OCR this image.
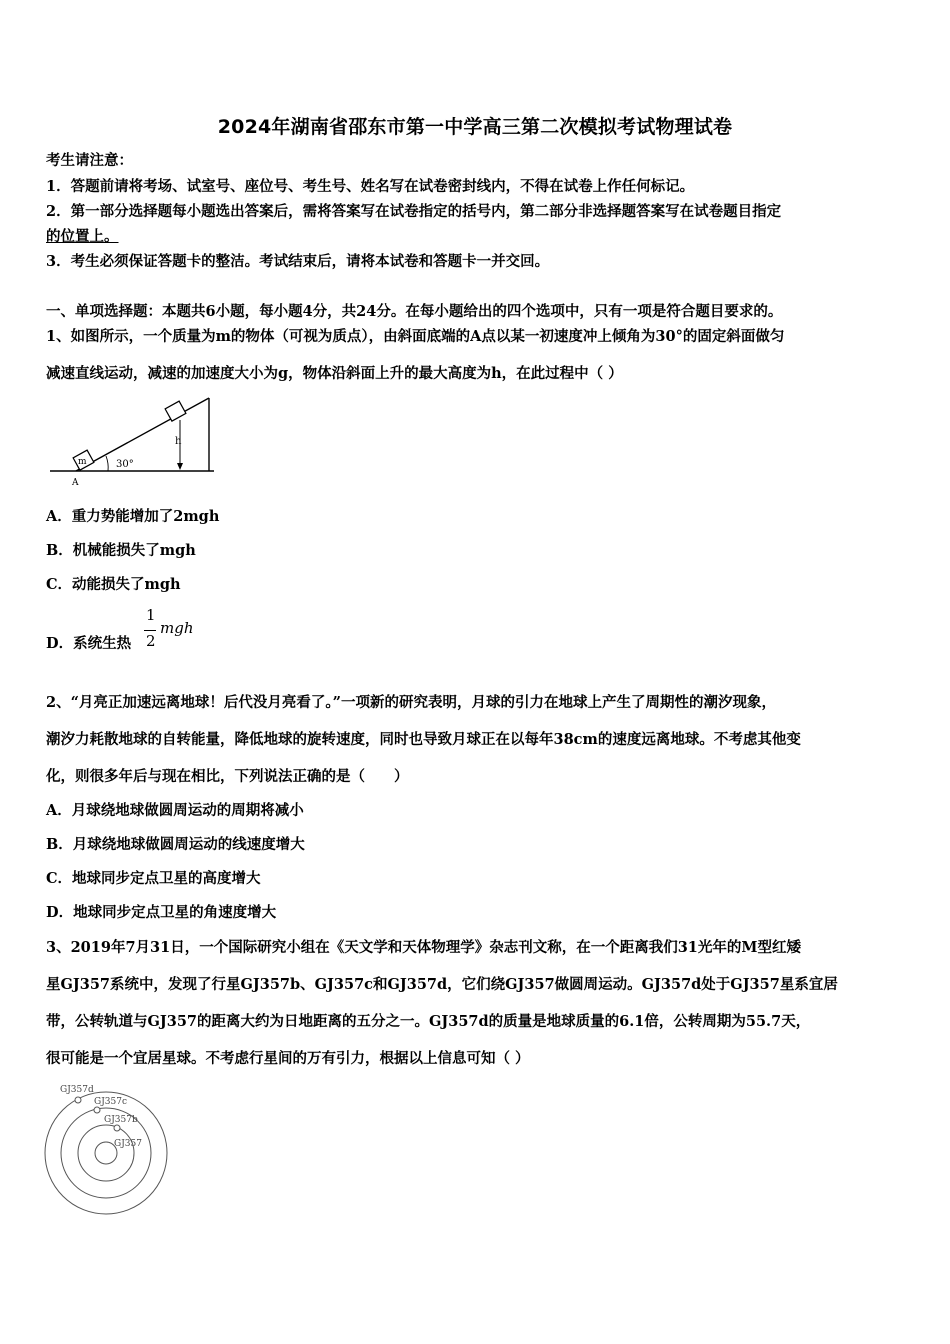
2024年湖南省邵东市第一中学高三第二次模拟考试物理试卷
考生请注意：
1．答题前请将考场、试室号、座位号、考生号、姓名写在试卷密封线内，不得在试卷上作任何标记。
2．第一部分选择题每小题选出答案后，需将答案写在试卷指定的括号内，第二部分非选择题答案写在试卷题目指定
的位置上。
3．考生必须保证答题卡的整洁。考试结束后，请将本试卷和答题卡一并交回。
一、单项选择题：本题共6小题，每小题4分，共24分。在每小题给出的四个选项中，只有一项是符合题目要求的。
1、如图所示，一个质量为m的物体（可视为质点），由斜面底端的A点以某一初速度冲上倾角为30°的固定斜面做匀
减速直线运动，减速的加速度大小为g，物体沿斜面上升的最大高度为h，在此过程中（ ）
m
h
30°
A
A．重力势能增加了2mgh
B．机械能损失了mgh
C．动能损失了mgh
D．系统生热
1
2
mgh
2、“月亮正加速远离地球！后代没月亮看了。”一项新的研究表明，月球的引力在地球上产生了周期性的潮汐现象，
潮汐力耗散地球的自转能量，降低地球的旋转速度，同时也导致月球正在以每年38cm的速度远离地球。不考虑其他变
化，则很多年后与现在相比，下列说法正确的是（　　）
A．月球绕地球做圆周运动的周期将减小
B．月球绕地球做圆周运动的线速度增大
C．地球同步定点卫星的高度增大
D．地球同步定点卫星的角速度增大
3、2019年7月31日，一个国际研究小组在《天文学和天体物理学》杂志刊文称，在一个距离我们31光年的M型红矮
星GJ357系统中，发现了行星GJ357b、GJ357c和GJ357d，它们绕GJ357做圆周运动。GJ357d处于GJ357星系宜居
带，公转轨道与GJ357的距离大约为日地距离的五分之一。GJ357d的质量是地球质量的6.1倍，公转周期为55.7天，
很可能是一个宜居星球。不考虑行星间的万有引力，根据以上信息可知（ ）
GJ357d
GJ357c
GJ357b
GJ357
